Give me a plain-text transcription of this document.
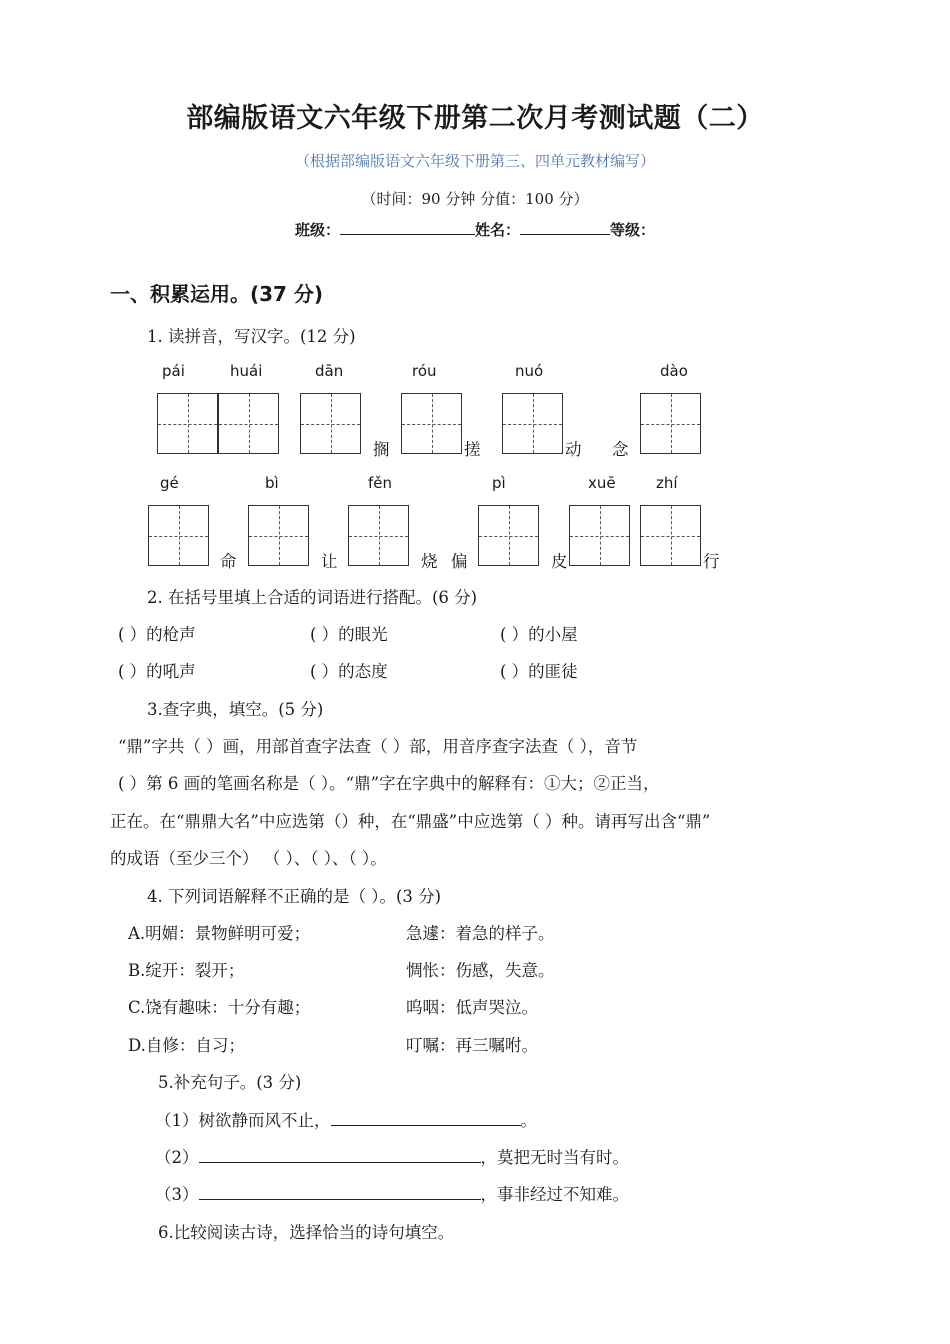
部编版语文六年级下册第二次月考测试题（二）
（根据部编版语文六年级下册第三、四单元教材编写）
（时间：90 分钟 分值：100 分）
班级：	姓名：	等级：
一、积累运用。(37 分)
1. 读拼音，写汉字。(12 分)
pái	huái	dān	róu	nuó	dào
搁	搓	动 念
gé	bì	fěn	pì	xuē	zhí
命	让	烧 偏	皮	行
2. 在括号里填上合适的词语进行搭配。(6 分)
( ）的枪声	( ）的眼光	( ）的小屋
( ）的吼声	( ）的态度	( ）的匪徒
3.查字典，填空。(5 分)
“鼎”字共（ ）画，用部首查字法查（ ）部，用音序查字法查（ ），音节
( ）第 6 画的笔画名称是（ ）。“鼎”字在字典中的解释有：①大；②正当，
正在。在“鼎鼎大名”中应选第（）种，在“鼎盛”中应选第（ ）种。请再写出含“鼎”
的成语（至少三个） （ ）、（ ）、（ ）。
4. 下列词语解释不正确的是（ ）。(3 分)
A.明媚：景物鲜明可爱；	急遽：着急的样子。
B.绽开：裂开；	惆怅：伤感，失意。
C.饶有趣味：十分有趣；	呜咽：低声哭泣。
D.自修：自习；	叮嘱：再三嘱咐。
5.补充句子。(3 分)
（1）树欲静而风不止，	。
（2）	，莫把无时当有时。
（3）	，事非经过不知难。
6.比较阅读古诗，选择恰当的诗句填空。
